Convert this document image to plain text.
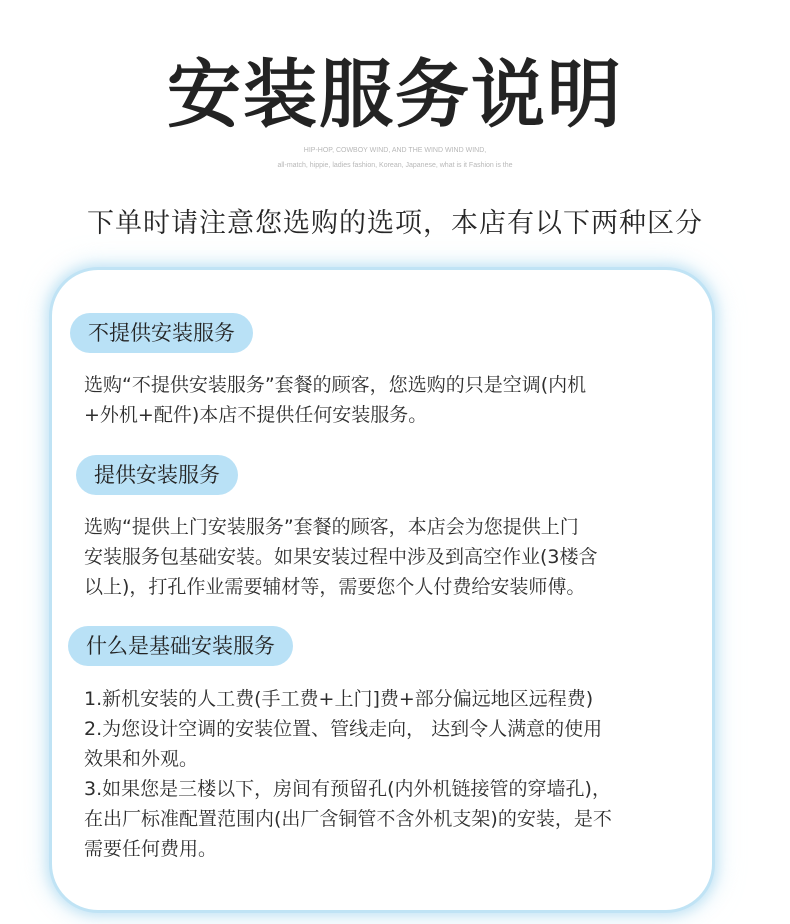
安装服务说明
HIP-HOP, COWBOY WIND, AND THE WIND WIND WIND,
all-match, hippie, ladies fashion, Korean, Japanese, what is it Fashion is the
下单时请注意您选购的选项，本店有以下两种区分
不提供安装服务
选购“不提供安装服务”套餐的顾客，您选购的只是空调(内机
+外机+配件)本店不提供任何安装服务。
提供安装服务
选购“提供上门安装服务”套餐的顾客，本店会为您提供上门
安装服务包基础安装。如果安装过程中涉及到高空作业(3楼含
以上)，打孔作业需要辅材等，需要您个人付费给安装师傅。
什么是基础安装服务
1.新机安装的人工费(手工费+上门]费+部分偏远地区远程费)
2.为您设计空调的安装位置、管线走向， 达到令人满意的使用
效果和外观。
3.如果您是三楼以下，房间有预留孔(内外机链接管的穿墙孔)，
在出厂标准配置范围内(出厂含铜管不含外机支架)的安装，是不
需要任何费用。
